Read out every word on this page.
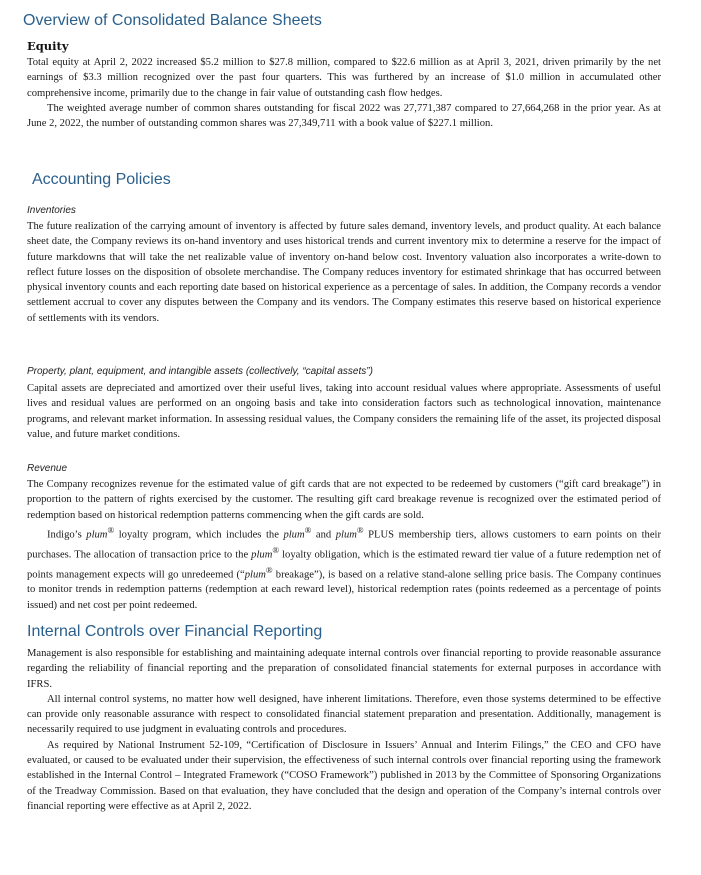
Overview of Consolidated Balance Sheets
Equity

Total equity at April 2, 2022 increased $5.2 million to $27.8 million, compared to $22.6 million as at April 3, 2021, driven primarily by the net earnings of $3.3 million recognized over the past four quarters. This was furthered by an increase of $1.0 million in accumulated other comprehensive income, primarily due to the change in fair value of outstanding cash flow hedges.

The weighted average number of common shares outstanding for fiscal 2022 was 27,771,387 compared to 27,664,268 in the prior year. As at June 2, 2022, the number of outstanding common shares was 27,349,711 with a book value of $227.1 million.

Accounting Policies
Inventories

The future realization of the carrying amount of inventory is affected by future sales demand, inventory levels, and product quality. At each balance sheet date, the Company reviews its on-hand inventory and uses historical trends and current inventory mix to determine a reserve for the impact of future markdowns that will take the net realizable value of inventory on-hand below cost. Inventory valuation also incorporates a write-down to reflect future losses on the disposition of obsolete merchandise. The Company reduces inventory for estimated shrinkage that has occurred between physical inventory counts and each reporting date based on historical experience as a percentage of sales. In addition, the Company records a vendor settlement accrual to cover any disputes between the Company and its vendors. The Company estimates this reserve based on historical experience of settlements with its vendors.

Property, plant, equipment, and intangible assets (collectively, “capital assets”)

Capital assets are depreciated and amortized over their useful lives, taking into account residual values where appropriate. Assessments of useful lives and residual values are performed on an ongoing basis and take into consideration factors such as technological innovation, maintenance programs, and relevant market information. In assessing residual values, the Company considers the remaining life of the asset, its projected disposal value, and future market conditions.

Revenue

The Company recognizes revenue for the estimated value of gift cards that are not expected to be redeemed by customers (“gift card breakage”) in proportion to the pattern of rights exercised by the customer. The resulting gift card breakage revenue is recognized over the estimated period of redemption based on historical redemption patterns commencing when the gift cards are sold.

Indigo’s plum® loyalty program, which includes the plum® and plum® PLUS membership tiers, allows customers to earn points on their purchases. The allocation of transaction price to the plum® loyalty obligation, which is the estimated reward tier value of a future redemption net of points management expects will go unredeemed (“plum® breakage”), is based on a relative stand-alone selling price basis. The Company continues to monitor trends in redemption patterns (redemption at each reward level), historical redemption rates (points redeemed as a percentage of points issued) and net cost per point redeemed.

Internal Controls over Financial Reporting

Management is also responsible for establishing and maintaining adequate internal controls over financial reporting to provide reasonable assurance regarding the reliability of financial reporting and the preparation of consolidated financial statements for external purposes in accordance with IFRS.

All internal control systems, no matter how well designed, have inherent limitations. Therefore, even those systems determined to be effective can provide only reasonable assurance with respect to consolidated financial statement preparation and presentation. Additionally, management is necessarily required to use judgment in evaluating controls and procedures.

As required by National Instrument 52-109, “Certification of Disclosure in Issuers’ Annual and Interim Filings,” the CEO and CFO have evaluated, or caused to be evaluated under their supervision, the effectiveness of such internal controls over financial reporting using the framework established in the Internal Control – Integrated Framework (“COSO Framework”) published in 2013 by the Committee of Sponsoring Organizations of the Treadway Commission. Based on that evaluation, they have concluded that the design and operation of the Company’s internal controls over financial reporting were effective as at April 2, 2022.
